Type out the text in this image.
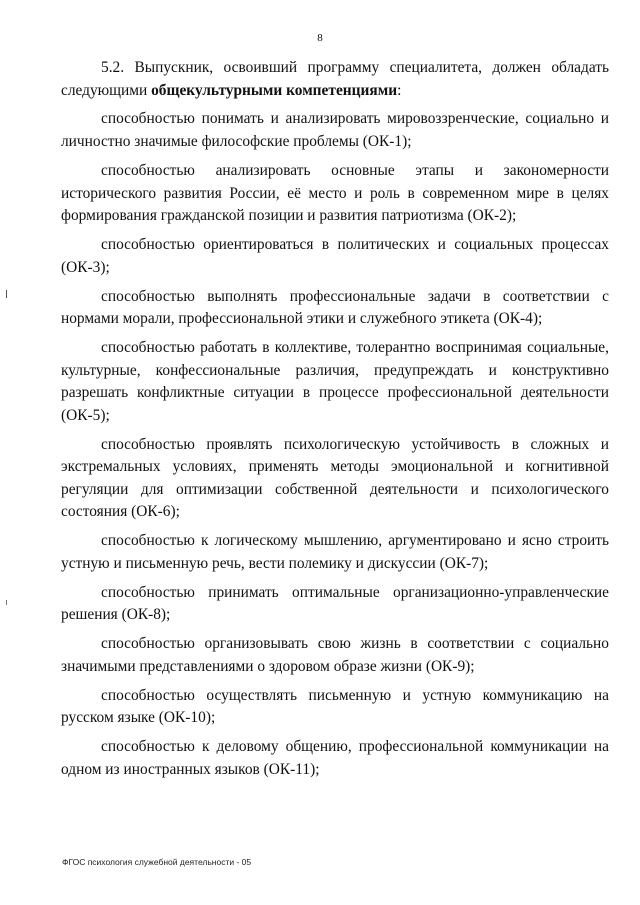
8

5.2. Выпускник, освоивший программу специалитета, должен обладать следующими общекультурными компетенциями:

способностью понимать и анализировать мировоззренческие, социально и личностно значимые философские проблемы (ОК-1);

способностью анализировать основные этапы и закономерности исторического развития России, её место и роль в современном мире в целях формирования гражданской позиции и развития патриотизма (ОК-2);

способностью ориентироваться в политических и социальных процессах (ОК-3);

способностью выполнять профессиональные задачи в соответствии с нормами морали, профессиональной этики и служебного этикета (ОК-4);

способностью работать в коллективе, толерантно воспринимая социальные, культурные, конфессиональные различия, предупреждать и конструктивно разрешать конфликтные ситуации в процессе профессиональной деятельности (ОК-5);

способностью проявлять психологическую устойчивость в сложных и экстремальных условиях, применять методы эмоциональной и когнитивной регуляции для оптимизации собственной деятельности и психологического состояния (ОК-6);

способностью к логическому мышлению, аргументировано и ясно строить устную и письменную речь, вести полемику и дискуссии (ОК-7);

способностью принимать оптимальные организационно-управленческие решения (ОК-8);

способностью организовывать свою жизнь в соответствии с социально значимыми представлениями о здоровом образе жизни (ОК-9);

способностью осуществлять письменную и устную коммуникацию на русском языке (ОК-10);

способностью к деловому общению, профессиональной коммуникации на одном из иностранных языков (ОК-11);

ФГОС психология служебной деятельности - 05
